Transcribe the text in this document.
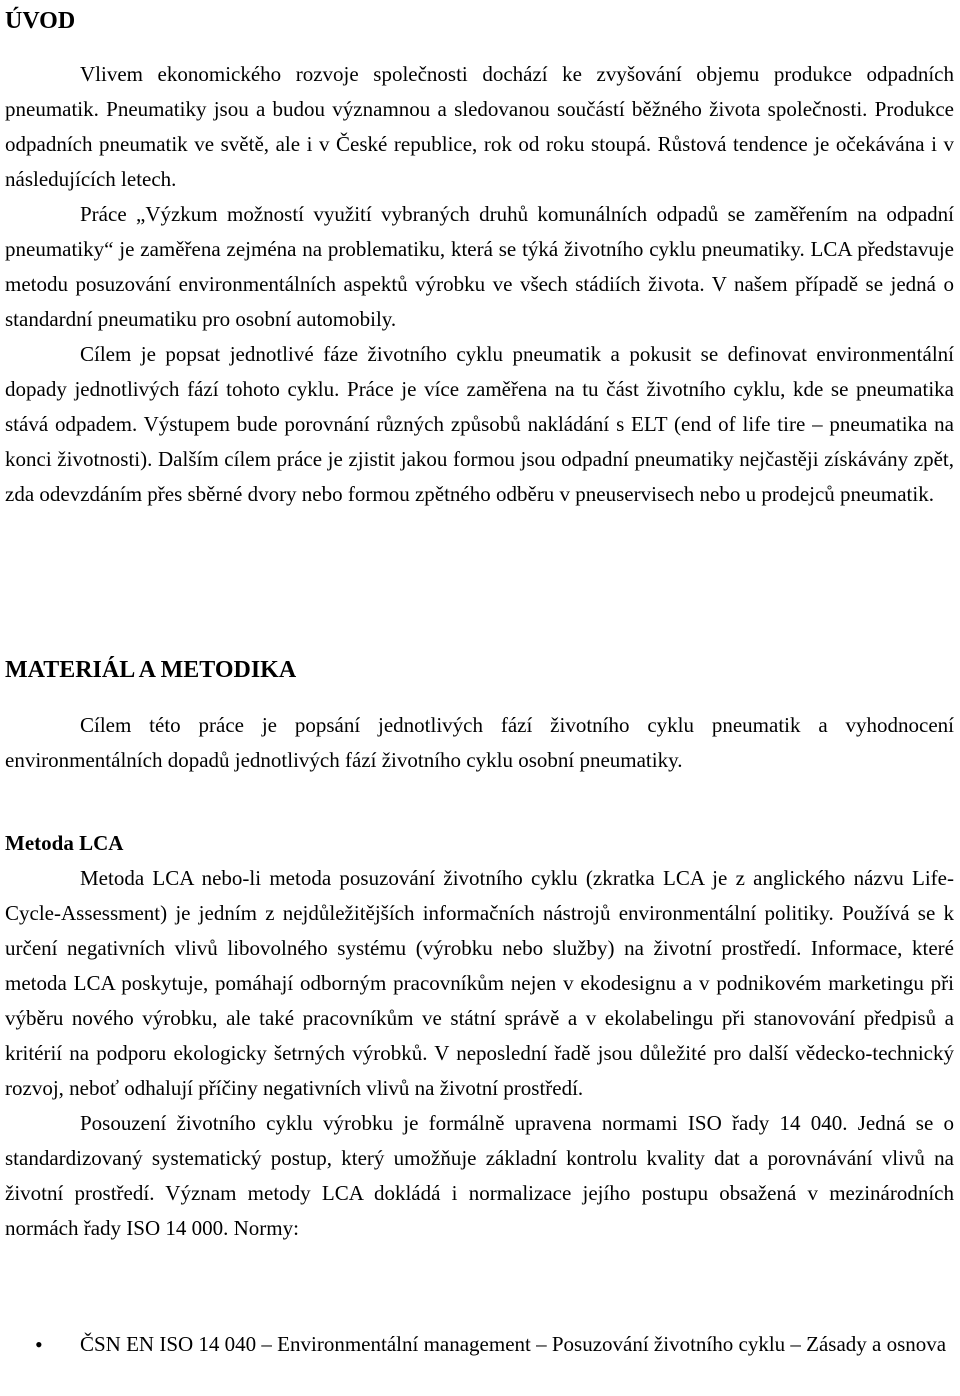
ÚVOD

Vlivem ekonomického rozvoje společnosti dochází ke zvyšování objemu produkce odpadních pneumatik. Pneumatiky jsou a budou významnou a sledovanou součástí běžného života společnosti. Produkce odpadních pneumatik ve světě, ale i v České republice, rok od roku stoupá. Růstová tendence je očekávána i v následujících letech.

Práce „Výzkum možností využití vybraných druhů komunálních odpadů se zaměřením na odpadní pneumatiky“ je zaměřena zejména na problematiku, která se týká životního cyklu pneumatiky. LCA představuje metodu posuzování environmentálních aspektů výrobku ve všech stádiích života. V našem případě se jedná o standardní pneumatiku pro osobní automobily.

Cílem je popsat jednotlivé fáze životního cyklu pneumatik a pokusit se definovat environmentální dopady jednotlivých fází tohoto cyklu. Práce je více zaměřena na tu část životního cyklu, kde se pneumatika stává odpadem. Výstupem bude porovnání různých způsobů nakládání s ELT (end of life tire – pneumatika na konci životnosti). Dalším cílem práce je zjistit jakou formou jsou odpadní pneumatiky nejčastěji získávány zpět, zda odevzdáním přes sběrné dvory nebo formou zpětného odběru v pneuservisech nebo u prodejců pneumatik.

MATERIÁL A METODIKA

Cílem této práce je popsání jednotlivých fází životního cyklu pneumatik a vyhodnocení environmentálních dopadů jednotlivých fází životního cyklu osobní pneumatiky.

Metoda LCA

Metoda LCA nebo-li metoda posuzování životního cyklu (zkratka LCA je z anglického názvu Life-Cycle-Assessment) je jedním z nejdůležitějších informačních nástrojů environmentální politiky. Používá se k určení negativních vlivů libovolného systému (výrobku nebo služby) na životní prostředí. Informace, které metoda LCA poskytuje, pomáhají odborným pracovníkům nejen v ekodesignu a v podnikovém marketingu při výběru nového výrobku, ale také pracovníkům ve státní správě a v ekolabelingu při stanovování předpisů a kritérií na podporu ekologicky šetrných výrobků. V neposlední řadě jsou důležité pro další vědecko-technický rozvoj, neboť odhalují příčiny negativních vlivů na životní prostředí.

Posouzení životního cyklu výrobku je formálně upravena normami ISO řady 14 040. Jedná se o standardizovaný systematický postup, který umožňuje základní kontrolu kvality dat a porovnávání vlivů na životní prostředí. Význam metody LCA dokládá i normalizace jejího postupu obsažená v mezinárodních normách řady ISO 14 000. Normy:

• ČSN EN ISO 14 040 – Environmentální management – Posuzování životního cyklu – Zásady a osnova
